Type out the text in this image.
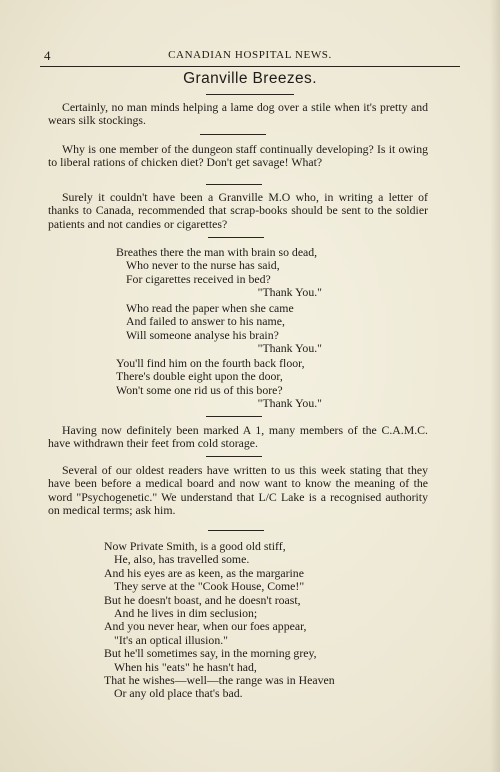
4	CANADIAN HOSPITAL NEWS.
Granville Breezes.

Certainly, no man minds helping a lame dog over a stile when it's pretty and wears silk stockings.

Why is one member of the dungeon staff continually developing? Is it owing to liberal rations of chicken diet? Don't get savage! What?

Surely it couldn't have been a Granville M.O who, in writing a letter of thanks to Canada, recommended that scrap-books should be sent to the soldier patients and not candies or cigarettes?

Breathes there the man with brain so dead,
Who never to the nurse has said,
For cigarettes received in bed?
"Thank You."
Who read the paper when she came
And failed to answer to his name,
Will someone analyse his brain?
"Thank You."
You'll find him on the fourth back floor,
There's double eight upon the door,
Won't some one rid us of this bore?
"Thank You."

Having now definitely been marked A 1, many members of the C.A.M.C. have withdrawn their feet from cold storage.

Several of our oldest readers have written to us this week stating that they have been before a medical board and now want to know the meaning of the word "Psychogenetic." We understand that L/C Lake is a recognised authority on medical terms; ask him.

Now Private Smith, is a good old stiff,
He, also, has travelled some.
And his eyes are as keen, as the margarine
They serve at the "Cook House, Come!"
But he doesn't boast, and he doesn't roast,
And he lives in dim seclusion;
And you never hear, when our foes appear,
"It's an optical illusion."
But he'll sometimes say, in the morning grey,
When his "eats" he hasn't had,
That he wishes—well—the range was in Heaven
Or any old place that's bad.
